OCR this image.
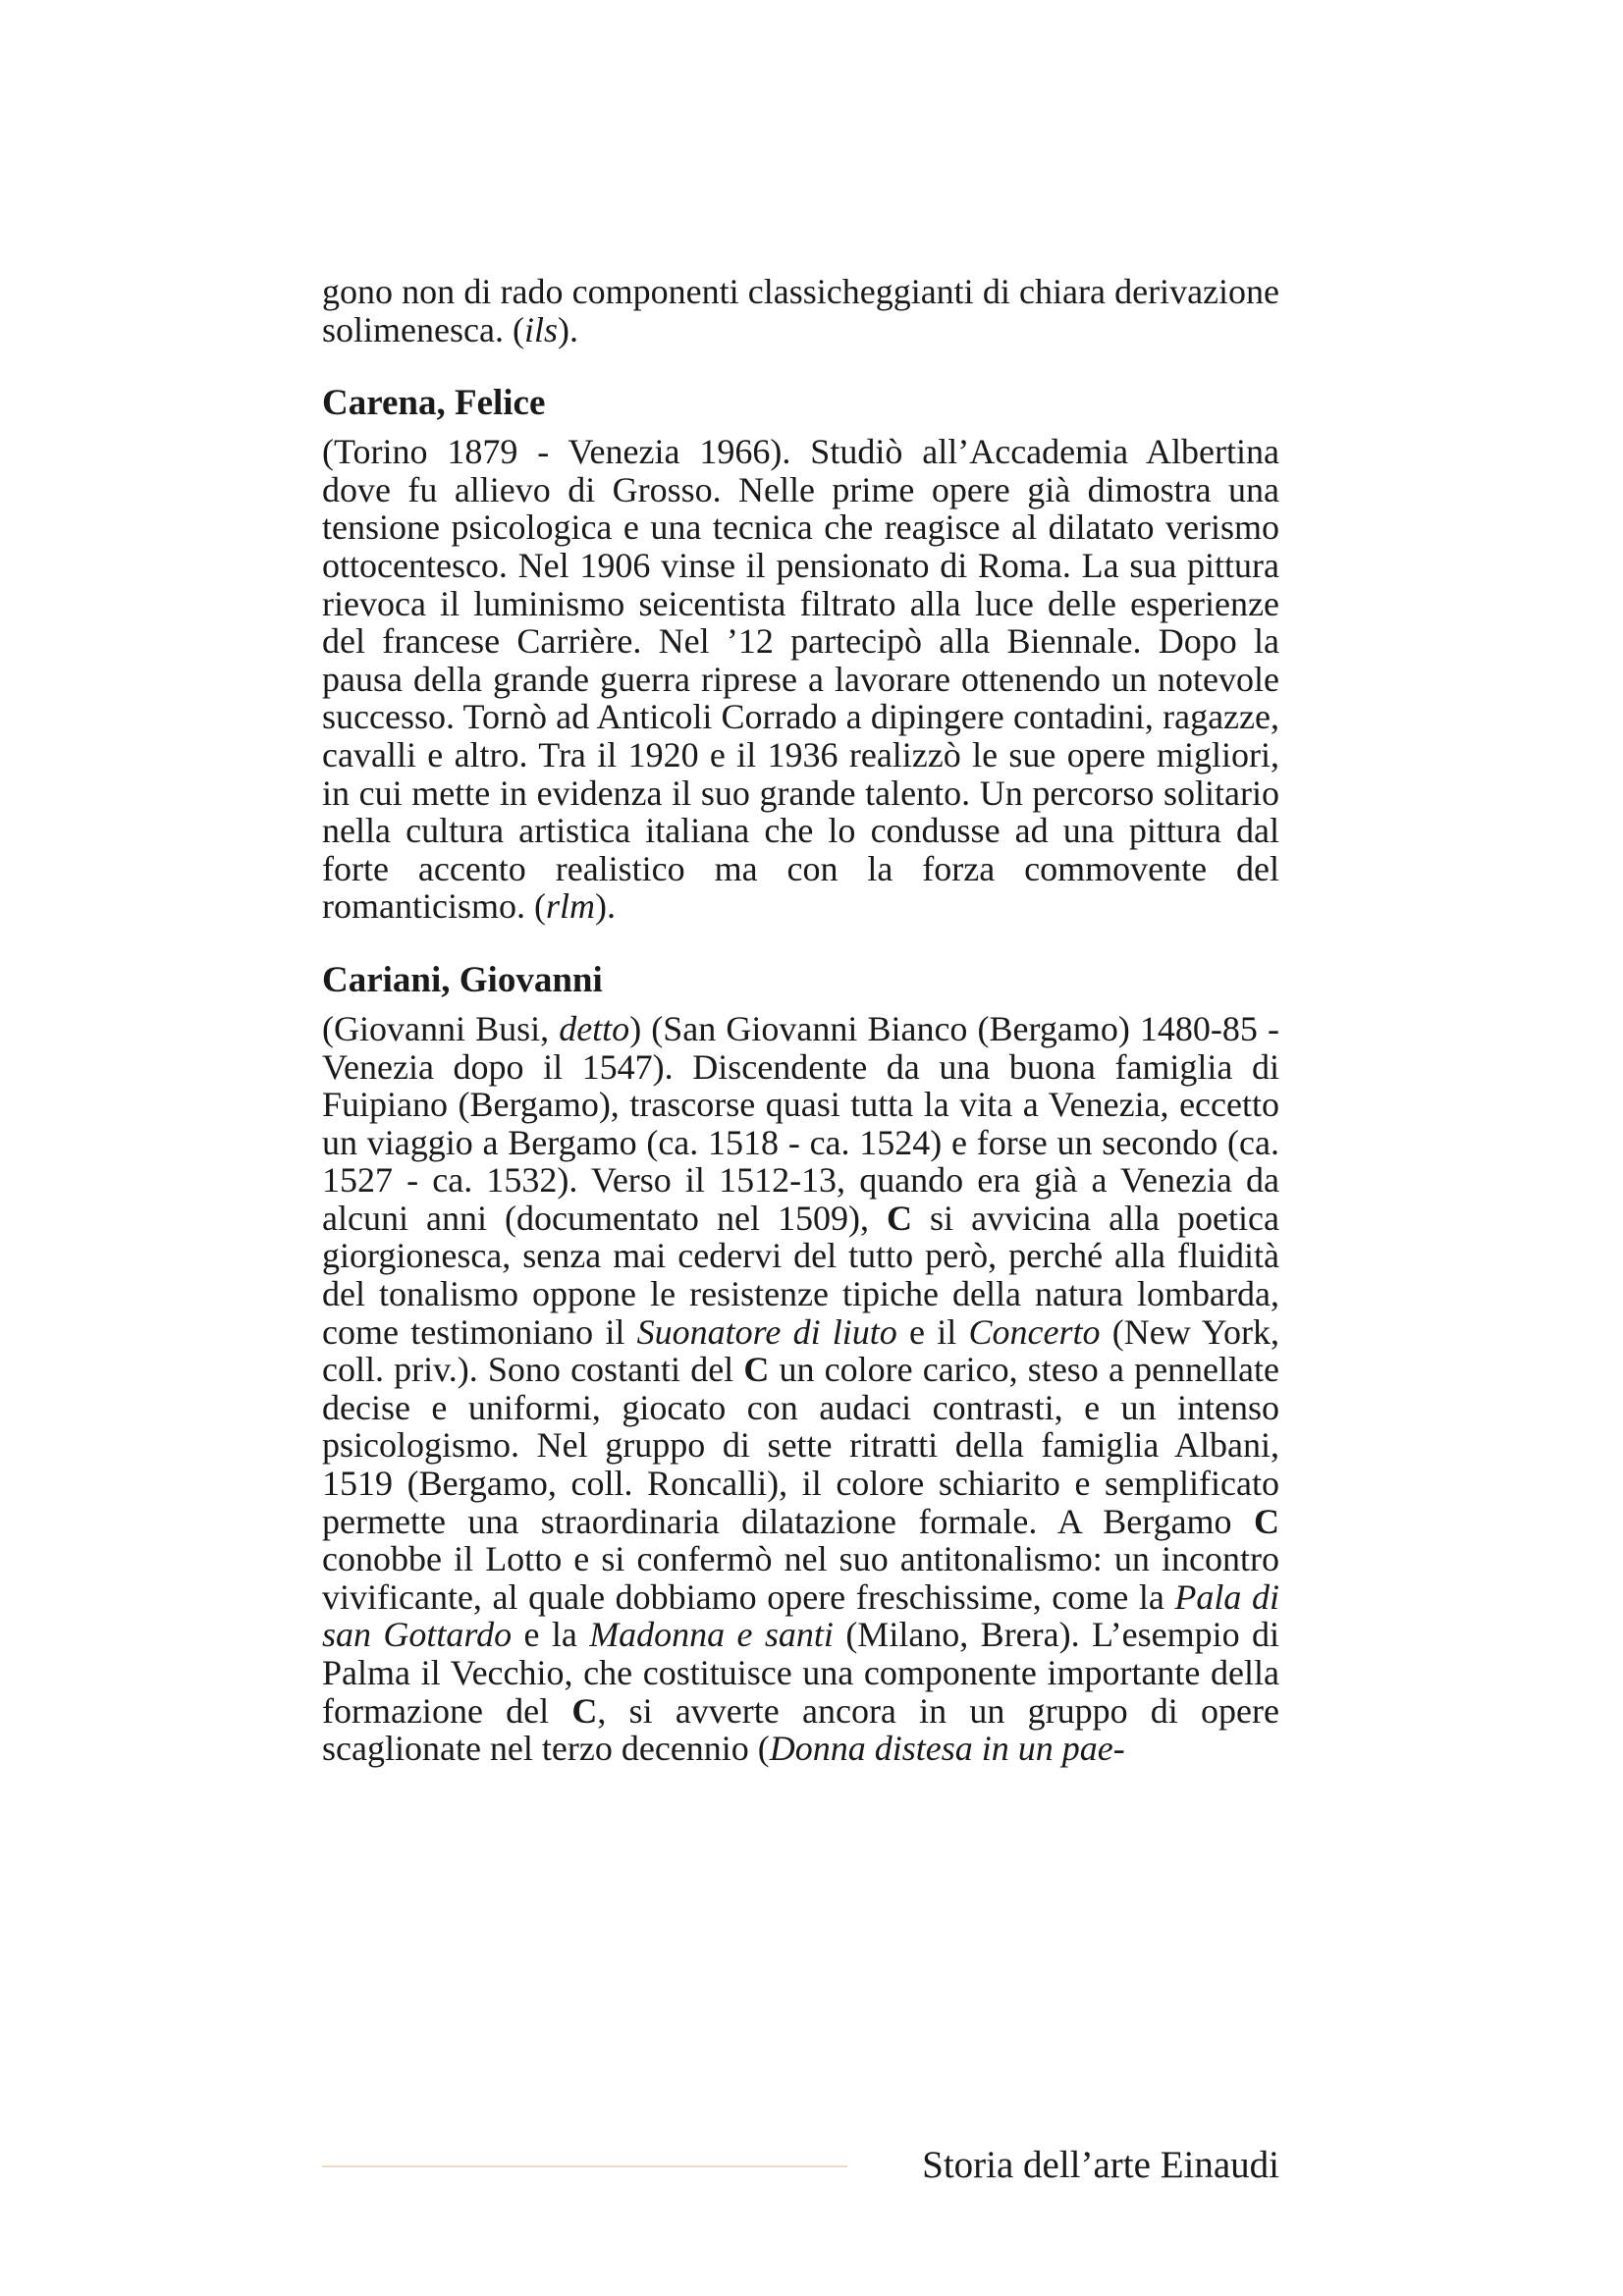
gono non di rado componenti classicheggianti di chiara derivazione solimenesca. (ils).

Carena, Felice

(Torino 1879 - Venezia 1966). Studiò all’Accademia Albertina dove fu allievo di Grosso. Nelle prime opere già dimostra una tensione psicologica e una tecnica che reagisce al dilatato verismo ottocentesco. Nel 1906 vinse il pensionato di Roma. La sua pittura rievoca il luminismo seicentista filtrato alla luce delle esperienze del francese Carrière. Nel ’12 partecipò alla Biennale. Dopo la pausa della grande guerra riprese a lavorare ottenendo un notevole successo. Tornò ad Anticoli Corrado a dipingere contadini, ragazze, cavalli e altro. Tra il 1920 e il 1936 realizzò le sue opere migliori, in cui mette in evidenza il suo grande talento. Un percorso solitario nella cultura artistica italiana che lo condusse ad una pittura dal forte accento realistico ma con la forza commovente del romanticismo. (rlm).

Cariani, Giovanni

(Giovanni Busi, detto) (San Giovanni Bianco (Bergamo) 1480-85 - Venezia dopo il 1547). Discendente da una buona famiglia di Fuipiano (Bergamo), trascorse quasi tutta la vita a Venezia, eccetto un viaggio a Bergamo (ca. 1518 - ca. 1524) e forse un secondo (ca. 1527 - ca. 1532). Verso il 1512-13, quando era già a Venezia da alcuni anni (documentato nel 1509), C si avvicina alla poetica giorgionesca, senza mai cedervi del tutto però, perché alla fluidità del tonalismo oppone le resistenze tipiche della natura lombarda, come testimoniano il Suonatore di liuto e il Concerto (New York, coll. priv.). Sono costanti del C un colore carico, steso a pennellate decise e uniformi, giocato con audaci contrasti, e un intenso psicologismo. Nel gruppo di sette ritratti della famiglia Albani, 1519 (Bergamo, coll. Roncalli), il colore schiarito e semplificato permette una straordinaria dilatazione formale. A Bergamo C conobbe il Lotto e si confermò nel suo antitonalismo: un incontro vivificante, al quale dobbiamo opere freschissime, come la Pala di san Gottardo e la Madonna e santi (Milano, Brera). L’esempio di Palma il Vecchio, che costituisce una componente importante della formazione del C, si avverte ancora in un gruppo di opere scaglionate nel terzo decennio (Donna distesa in un pae-

Storia dell’arte Einaudi
